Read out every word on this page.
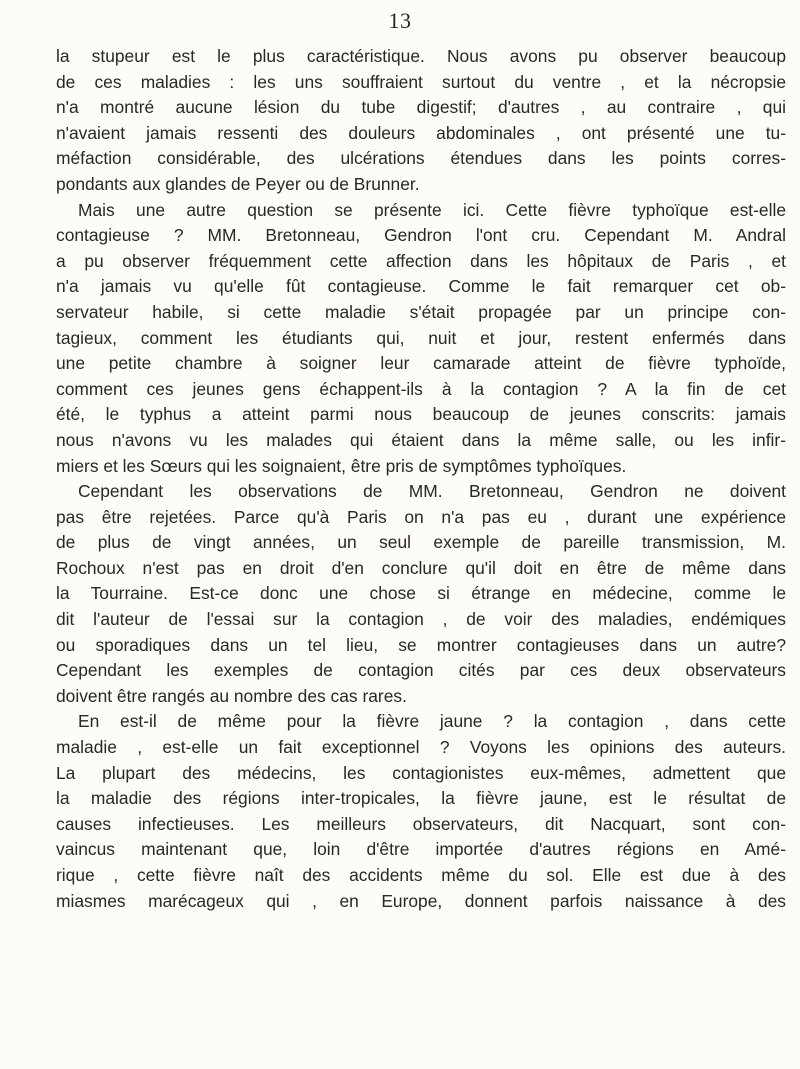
13
la stupeur est le plus caractéristique. Nous avons pu observer beaucoup
de ces maladies : les uns souffraient surtout du ventre , et la nécropsie
n'a montré aucune lésion du tube digestif; d'autres , au contraire , qui
n'avaient jamais ressenti des douleurs abdominales , ont présenté une tu-
méfaction considérable, des ulcérations étendues dans les points corres-
pondants aux glandes de Peyer ou de Brunner.
Mais une autre question se présente ici. Cette fièvre typhoïque est-elle
contagieuse ? MM. Bretonneau, Gendron l'ont cru. Cependant M. Andral
a pu observer fréquemment cette affection dans les hôpitaux de Paris , et
n'a jamais vu qu'elle fût contagieuse. Comme le fait remarquer cet ob-
servateur habile, si cette maladie s'était propagée par un principe con-
tagieux, comment les étudiants qui, nuit et jour, restent enfermés dans
une petite chambre à soigner leur camarade atteint de fièvre typhoïde,
comment ces jeunes gens échappent-ils à la contagion ? A la fin de cet
été, le typhus a atteint parmi nous beaucoup de jeunes conscrits: jamais
nous n'avons vu les malades qui étaient dans la même salle, ou les infir-
miers et les Sœurs qui les soignaient, être pris de symptômes typhoïques.
Cependant les observations de MM. Bretonneau, Gendron ne doivent
pas être rejetées. Parce qu'à Paris on n'a pas eu , durant une expérience
de plus de vingt années, un seul exemple de pareille transmission, M.
Rochoux n'est pas en droit d'en conclure qu'il doit en être de même dans
la Tourraine. Est-ce donc une chose si étrange en médecine, comme le
dit l'auteur de l'essai sur la contagion , de voir des maladies, endémiques
ou sporadiques dans un tel lieu, se montrer contagieuses dans un autre?
Cependant les exemples de contagion cités par ces deux observateurs
doivent être rangés au nombre des cas rares.
En est-il de même pour la fièvre jaune ? la contagion , dans cette
maladie , est-elle un fait exceptionnel ? Voyons les opinions des auteurs.
La plupart des médecins, les contagionistes eux-mêmes, admettent que
la maladie des régions inter-tropicales, la fièvre jaune, est le résultat de
causes infectieuses. Les meilleurs observateurs, dit Nacquart, sont con-
vaincus maintenant que, loin d'être importée d'autres régions en Amé-
rique , cette fièvre naît des accidents même du sol. Elle est due à des
miasmes marécageux qui , en Europe, donnent parfois naissance à des
